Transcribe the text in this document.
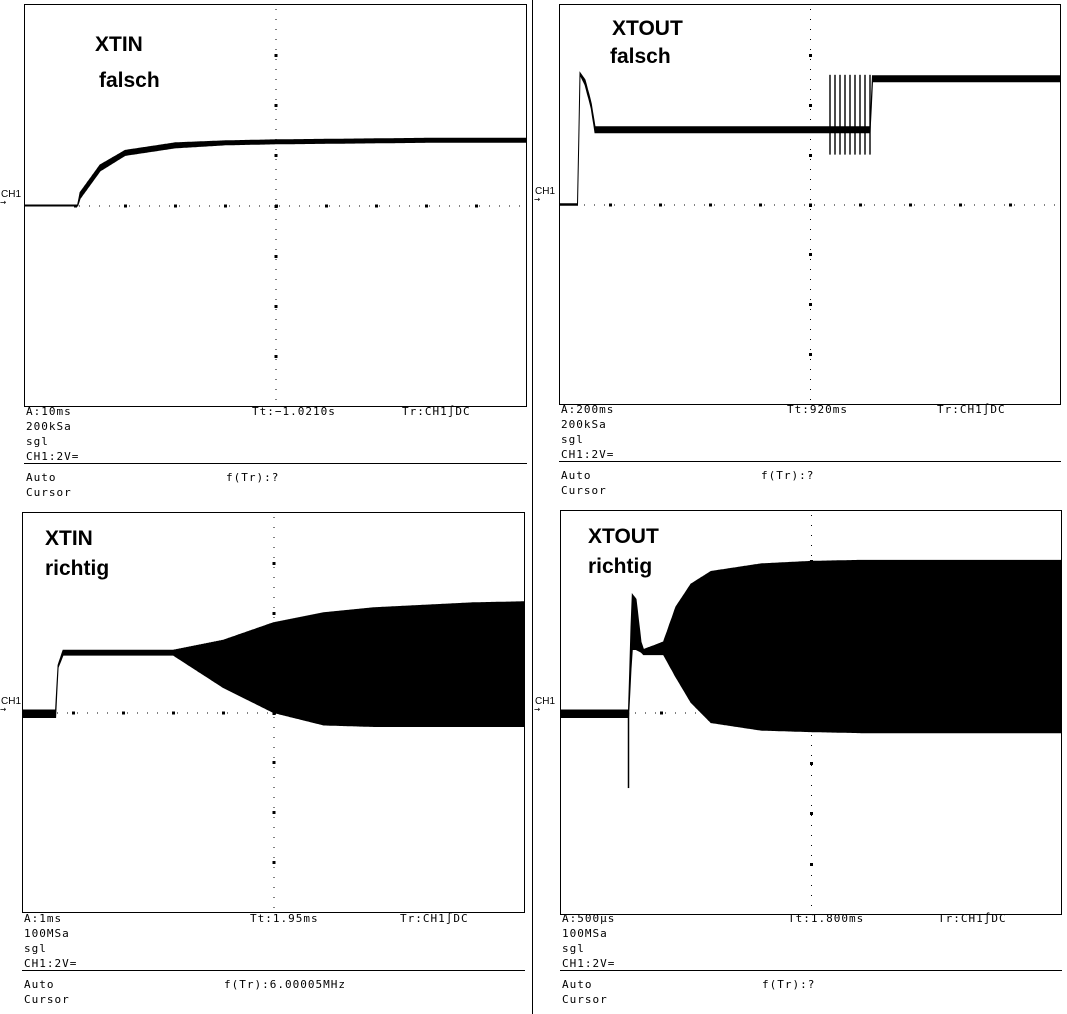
XTIN
falsch
CH1
→
A:10ms	Tt:−1.0210s	Tr:CH1∫DC
200kSa
sgl
CH1:2V=
Auto	f(Tr):?
Cursor
XTOUT
falsch
CH1
→
A:200ms	Tt:920ms	Tr:CH1∫DC
200kSa
sgl
CH1:2V=
Auto	f(Tr):?
Cursor
XTIN
richtig
CH1
→
A:1ms	Tt:1.95ms	Tr:CH1∫DC
100MSa
sgl
CH1:2V=
Auto	f(Tr):6.00005MHz
Cursor
XTOUT
richtig
CH1
→
A:500µs	Tt:1.800ms	Tr:CH1∫DC
100MSa
sgl
CH1:2V=
Auto	f(Tr):?
Cursor
